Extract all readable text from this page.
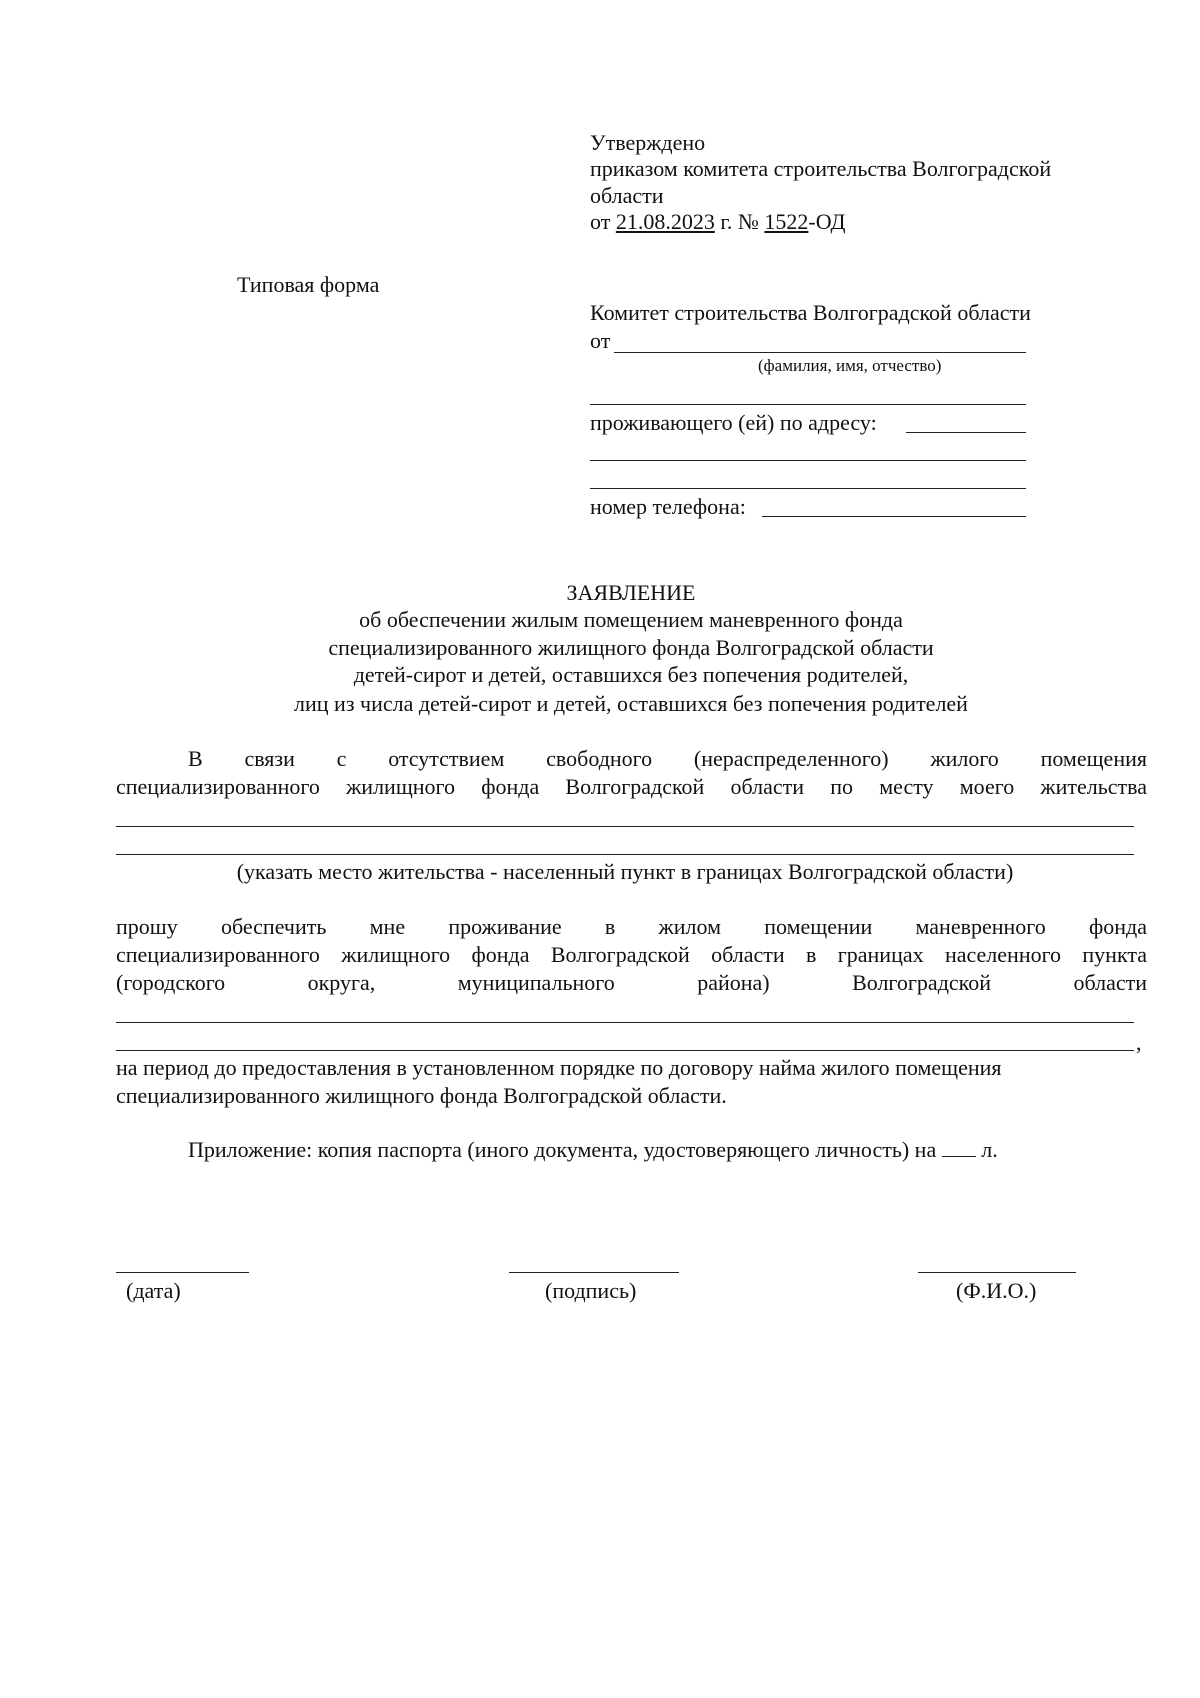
Утверждено
приказом комитета строительства Волгоградской
области
от 21.08.2023 г. № 1522-ОД
Типовая форма
Комитет строительства Волгоградской области
от
(фамилия, имя, отчество)
проживающего (ей) по адресу:
номер телефона:
ЗАЯВЛЕНИЕ
об обеспечении жилым помещением маневренного фонда
специализированного жилищного фонда Волгоградской области
детей-сирот и детей, оставшихся без попечения родителей,
лиц из числа детей-сирот и детей, оставшихся без попечения родителей
В связи с отсутствием свободного (нераспределенного) жилого помещения
специализированного жилищного фонда Волгоградской области по месту моего жительства
(указать место жительства - населенный пункт в границах Волгоградской области)
прошу обеспечить мне проживание в жилом помещении маневренного фонда
специализированного жилищного фонда Волгоградской области в границах населенного пункта
(городского округа, муниципального района) Волгоградской области
,
на период до предоставления в установленном порядке по договору найма жилого помещения
специализированного жилищного фонда Волгоградской области.
Приложение: копия паспорта (иного документа, удостоверяющего личность) на л.
(дата)	(подпись)	(Ф.И.О.)
